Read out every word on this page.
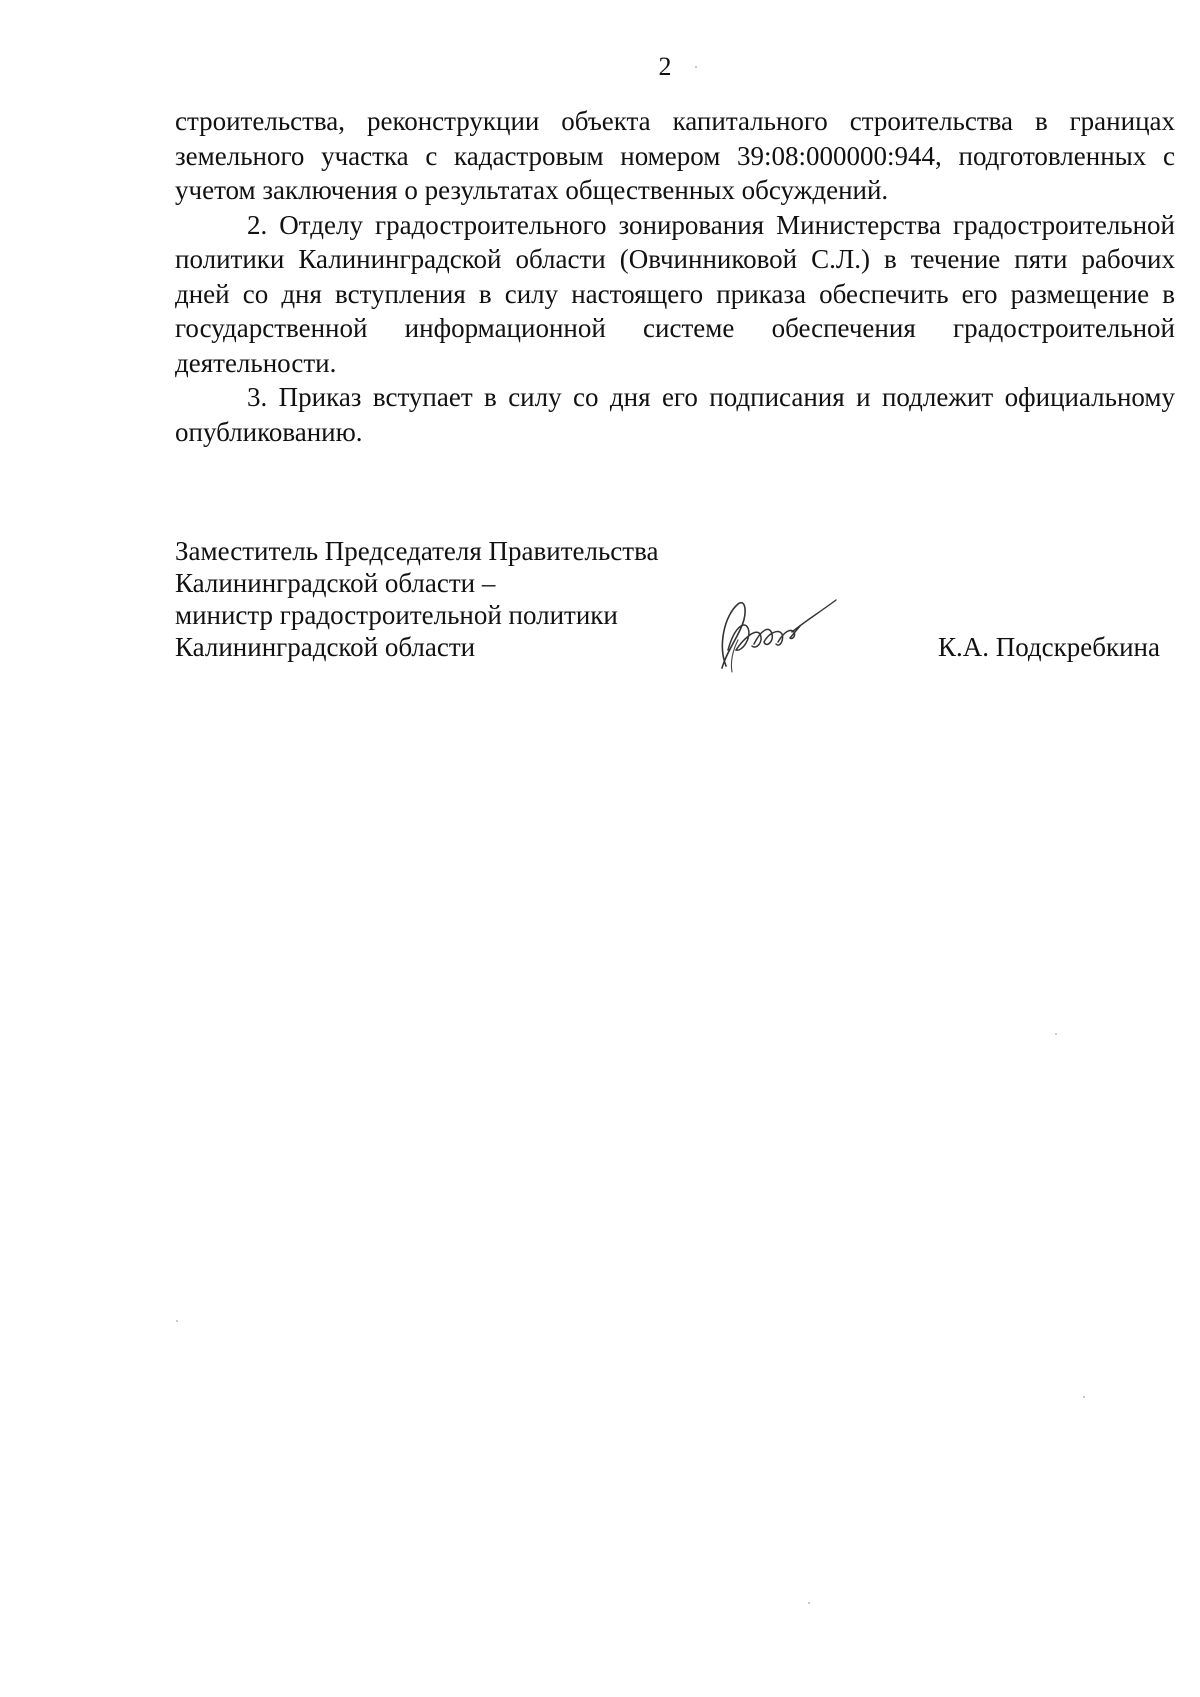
2

строительства, реконструкции объекта капитального строительства в границах земельного участка с кадастровым номером 39:08:000000:944, подготовленных с учетом заключения о результатах общественных обсуждений.

2. Отделу градостроительного зонирования Министерства градостроительной политики Калининградской области (Овчинниковой С.Л.) в течение пяти рабочих дней со дня вступления в силу настоящего приказа обеспечить его размещение в государственной информационной системе обеспечения градостроительной деятельности.

3. Приказ вступает в силу со дня его подписания и подлежит официальному опубликованию.

Заместитель Председателя Правительства
Калининградской области –
министр градостроительной политики
Калининградской области	К.А. Подскребкина
